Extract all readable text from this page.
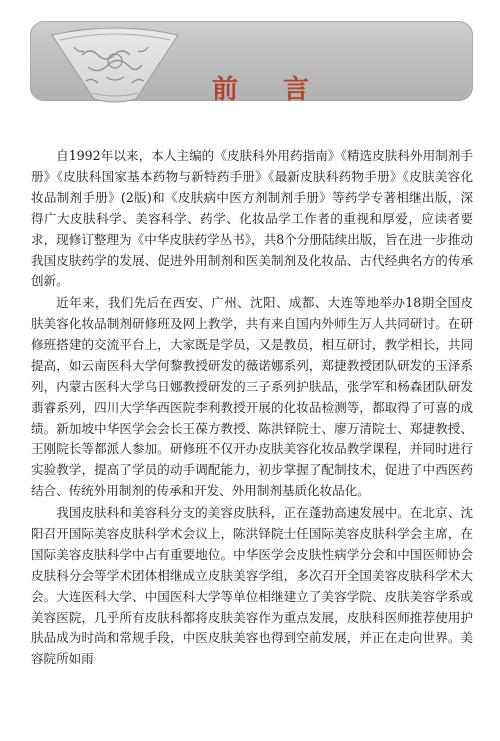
前 言

自1992年以来，本人主编的《皮肤科外用药指南》《精选皮肤科外用制剂手册》《皮肤科国家基本药物与新特药手册》《最新皮肤科药物手册》《皮肤美容化妆品制剂手册》(2版)和《皮肤病中医方剂制剂手册》等药学专著相继出版，深得广大皮肤科学、美容科学、药学、化妆品学工作者的重视和厚爱，应读者要求，现修订整理为《中华皮肤药学丛书》，共8个分册陆续出版，旨在进一步推动我国皮肤药学的发展、促进外用制剂和医美制剂及化妆品、古代经典名方的传承创新。

近年来，我们先后在西安、广州、沈阳、成都、大连等地举办18期全国皮肤美容化妆品制剂研修班及网上教学，共有来自国内外师生万人共同研讨。在研修班搭建的交流平台上，大家既是学员，又是教员，相互研讨，教学相长，共同提高，如云南医科大学何黎教授研发的薇诺娜系列，郑捷教授团队研发的玉泽系列，内蒙古医科大学乌日娜教授研发的三子系列护肤品，张学军和杨森团队研发翡睿系列，四川大学华西医院李利教授开展的化妆品检测等，都取得了可喜的成绩。新加坡中华医学会会长王葆方教授、陈洪铎院士、廖万清院士、郑捷教授、王刚院长等都派人参加。研修班不仅开办皮肤美容化妆品教学课程，并同时进行实验教学，提高了学员的动手调配能力，初步掌握了配制技术，促进了中西医药结合、传统外用制剂的传承和开发、外用制剂基质化妆品化。

我国皮肤科和美容科分支的美容皮肤科，正在蓬勃高速发展中。在北京、沈阳召开国际美容皮肤科学术会议上，陈洪铎院士任国际美容皮肤科学会主席，在国际美容皮肤科学中占有重要地位。中华医学会皮肤性病学分会和中国医师协会皮肤科分会等学术团体相继成立皮肤美容学组，多次召开全国美容皮肤科学术大会。大连医科大学、中国医科大学等单位相继建立了美容学院、皮肤美容学系或美容医院，几乎所有皮肤科都将皮肤美容作为重点发展，皮肤科医师推荐使用护肤品成为时尚和常规手段，中医皮肤美容也得到空前发展，并正在走向世界。美容院所如雨
